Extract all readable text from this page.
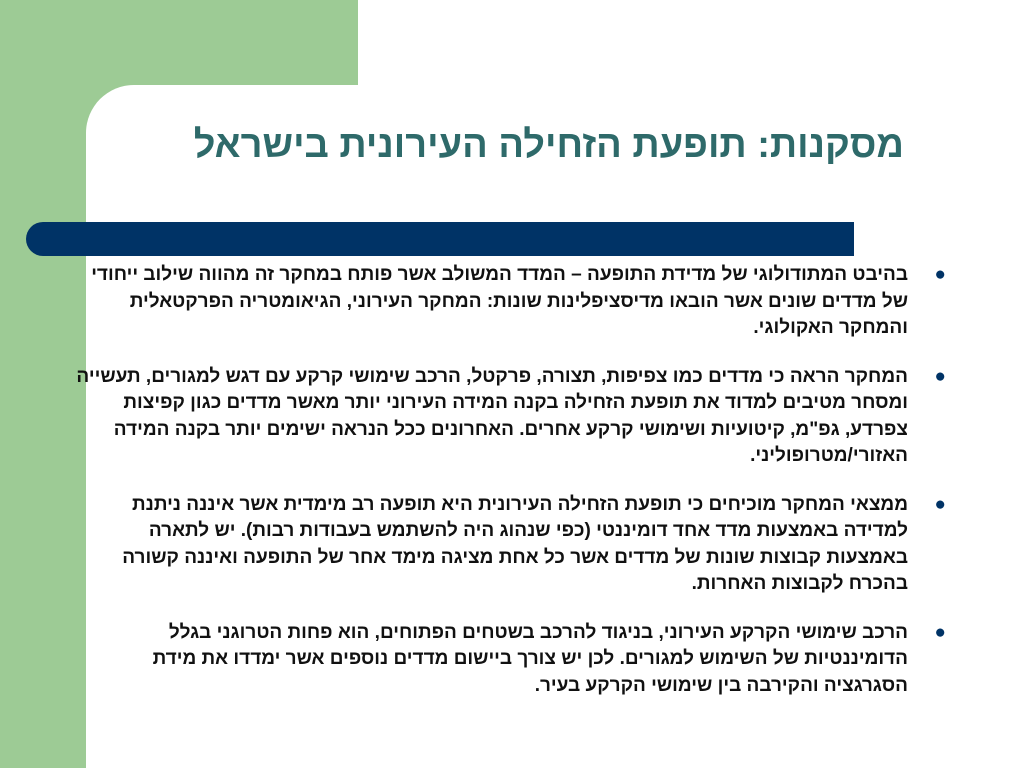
מסקנות: תופעת הזחילה העירונית בישראל
●
בהיבט המתודולוגי של מדידת התופעה – המדד המשולב אשר פותח במחקר זה מהווה שילוב ייחודי של מדדים שונים אשר הובאו מדיסציפלינות שונות: המחקר העירוני, הגיאומטריה הפרקטאלית והמחקר האקולוגי.
●
המחקר הראה כי מדדים כמו צפיפות, תצורה, פרקטל, הרכב שימושי קרקע עם דגש למגורים, תעשייה ומסחר מטיבים למדוד את תופעת הזחילה בקנה המידה העירוני יותר מאשר מדדים כגון קפיצות צפרדע, גפ"מ, קיטועיות ושימושי קרקע אחרים. האחרונים ככל הנראה ישימים יותר בקנה המידה האזורי/מטרופוליני.
●
ממצאי המחקר מוכיחים כי תופעת הזחילה העירונית היא תופעה רב מימדית אשר איננה ניתנת למדידה באמצעות מדד אחד דומיננטי (כפי שנהוג היה להשתמש בעבודות רבות). יש לתארה באמצעות קבוצות שונות של מדדים אשר כל אחת מציגה מימד אחר של התופעה ואיננה קשורה בהכרח לקבוצות האחרות.
●
הרכב שימושי הקרקע העירוני, בניגוד להרכב בשטחים הפתוחים, הוא פחות הטרוגני בגלל הדומיננטיות של השימוש למגורים. לכן יש צורך ביישום מדדים נוספים אשר ימדדו את מידת הסגרגציה והקירבה בין שימושי הקרקע בעיר.
